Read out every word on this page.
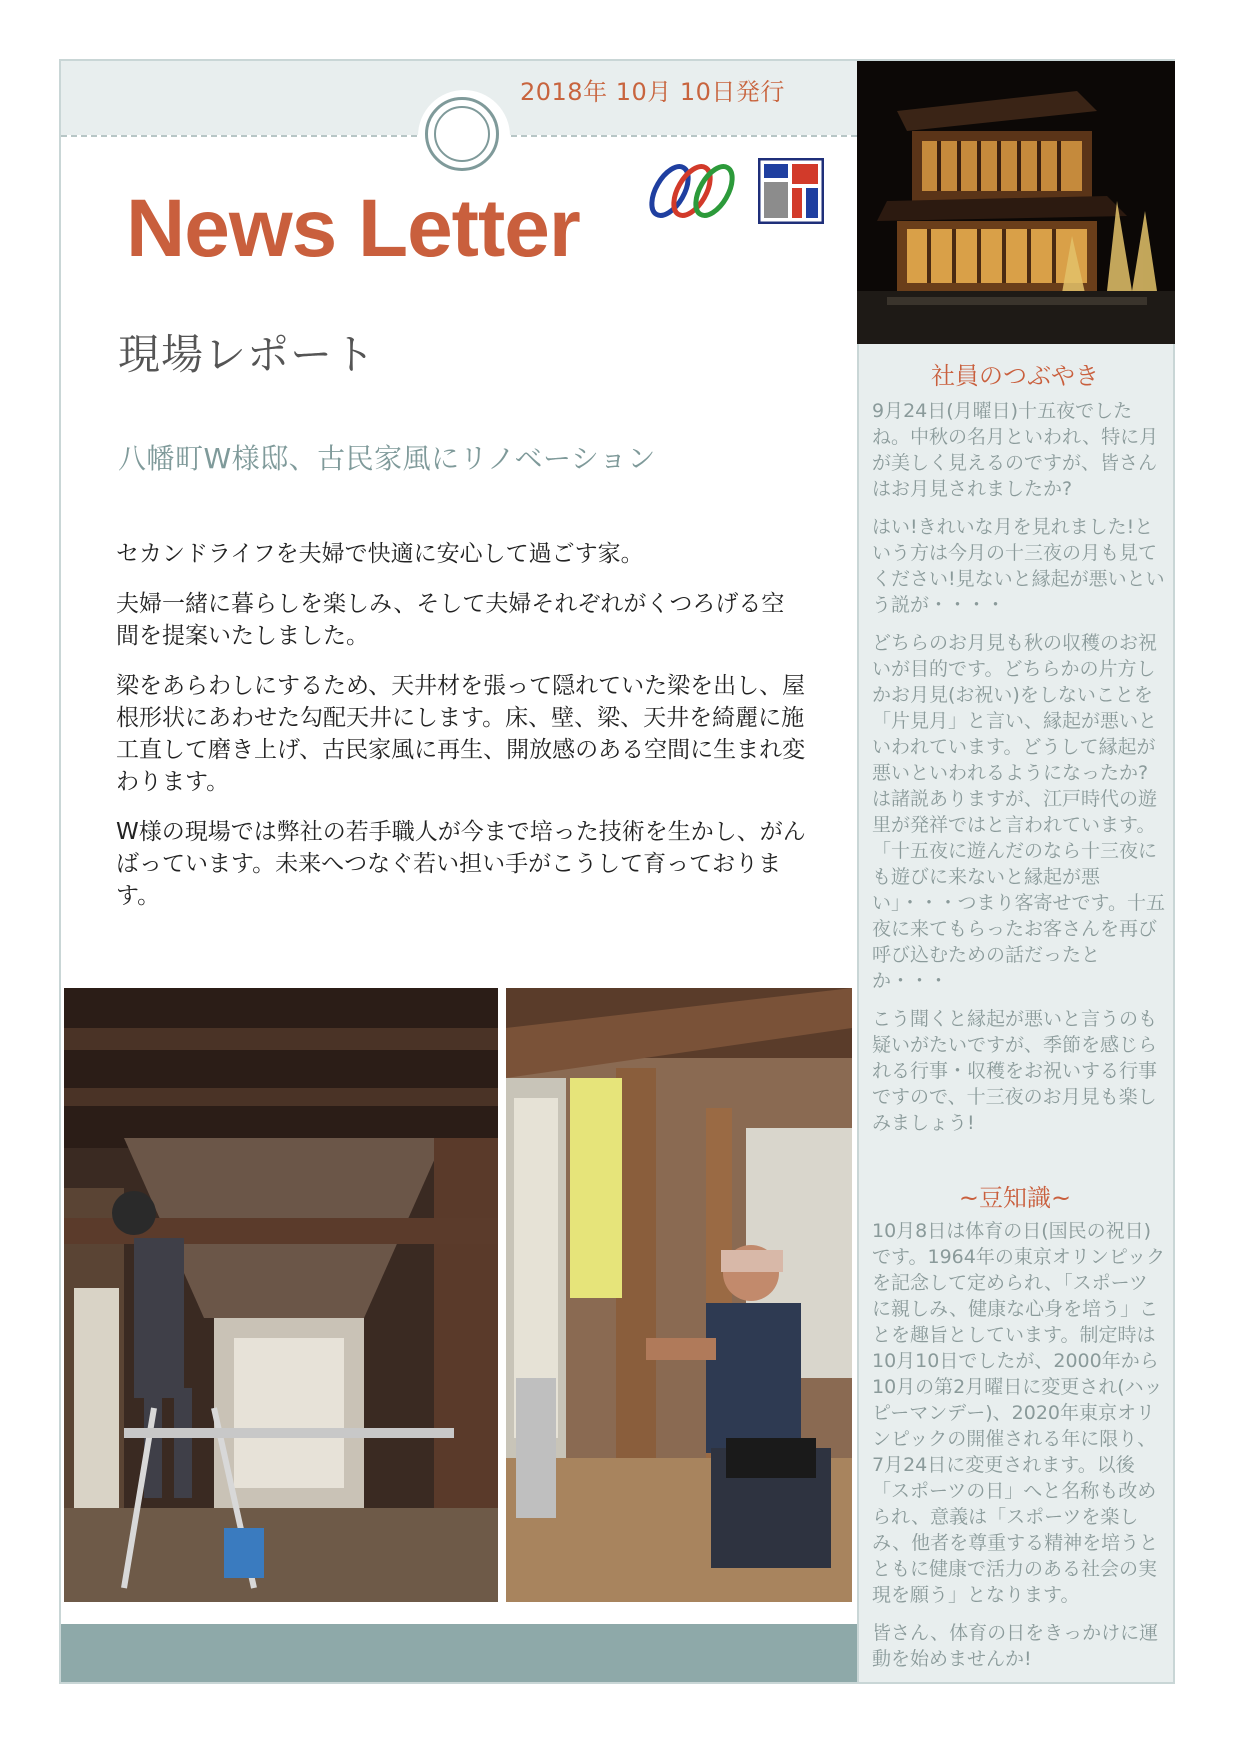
2018年 10月 10日発行
News Letter
現場レポート
八幡町W様邸、古民家風にリノベーション

セカンドライフを夫婦で快適に安心して過ごす家。

夫婦一緒に暮らしを楽しみ、そして夫婦それぞれがくつろげる空間を提案いたしました。

梁をあらわしにするため、天井材を張って隠れていた梁を出し、屋根形状にあわせた勾配天井にします。床、壁、梁、天井を綺麗に施工直して磨き上げ、古民家風に再生、開放感のある空間に生まれ変わります。

W様の現場では弊社の若手職人が今まで培った技術を生かし、がんばっています。未来へつなぐ若い担い手がこうして育っております。

社員のつぶやき

9月24日(月曜日)十五夜でしたね。中秋の名月といわれ、特に月が美しく見えるのですが、皆さんはお月見されましたか?

はい!きれいな月を見れました!という方は今月の十三夜の月も見てください!見ないと縁起が悪いという説が・・・・

どちらのお月見も秋の収穫のお祝いが目的です。どちらかの片方しかお月見(お祝い)をしないことを「片見月」と言い、縁起が悪いといわれています。どうして縁起が悪いといわれるようになったか?は諸説ありますが、江戸時代の遊里が発祥ではと言われています。「十五夜に遊んだのなら十三夜にも遊びに来ないと縁起が悪い」・・・つまり客寄せです。十五夜に来てもらったお客さんを再び呼び込むための話だったとか・・・

こう聞くと縁起が悪いと言うのも疑いがたいですが、季節を感じられる行事・収穫をお祝いする行事ですので、十三夜のお月見も楽しみましょう!

~豆知識~

10月8日は体育の日(国民の祝日)です。1964年の東京オリンピックを記念して定められ、「スポーツに親しみ、健康な心身を培う」ことを趣旨としています。制定時は10月10日でしたが、2000年から10月の第2月曜日に変更され(ハッピーマンデー)、2020年東京オリンピックの開催される年に限り、7月24日に変更されます。以後「スポーツの日」へと名称も改められ、意義は「スポーツを楽しみ、他者を尊重する精神を培うとともに健康で活力のある社会の実現を願う」となります。

皆さん、体育の日をきっかけに運動を始めませんか!
